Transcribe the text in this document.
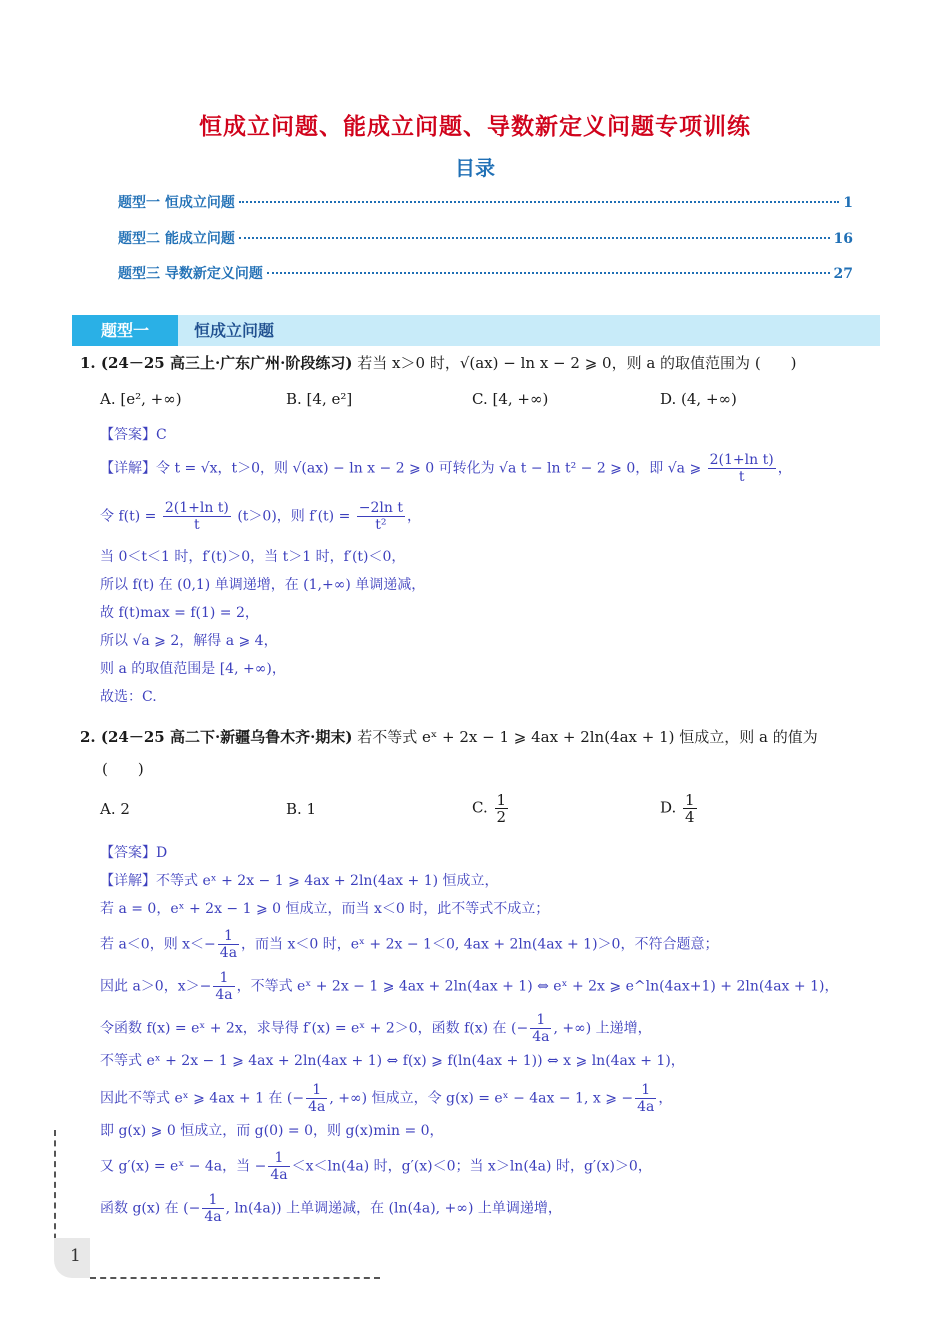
恒成立问题、能成立问题、导数新定义问题专项训练
目录
题型一 恒成立问题	1
题型二 能成立问题	16
题型三 导数新定义问题	27
题型一	恒成立问题
1. (24－25 高三上·广东广州·阶段练习) 若当 x＞0 时，√(ax) − ln x − 2 ⩾ 0，则 a 的取值范围为 (　　)
A. [e², +∞)	B. [4, e²]	C. [4, +∞)	D. (4, +∞)
【答案】C
【详解】令 t = √x，t＞0，则 √(ax) − ln x − 2 ⩾ 0 可转化为 √a t − ln t² − 2 ⩾ 0，即 √a ⩾ $\frac{\text{2(1+ln t)}}{t}$ ，
令 $f(t) = \frac{\text{2(1+ln t)}}{t} (t>0)$，则 $f'(t) = \frac{\text{−2ln t}}{\text{t²}}$ ，
当 0＜t＜1 时，f′(t)＞0，当 t＞1 时，f′(t)＜0，
所以 f(t) 在 (0,1) 单调递增，在 (1,+∞) 单调递减，
故 f(t)max = f(1) = 2，
所以 √a ⩾ 2，解得 a ⩾ 4，
则 a 的取值范围是 [4, +∞)，
故选：C.
2. (24－25 高二下·新疆乌鲁木齐·期末) 若不等式 eˣ + 2x − 1 ⩾ 4ax + 2ln(4ax + 1) 恒成立，则 a 的值为
(　　)
A. 2	B. 1	C. $\frac{1}{2}$	D. $\frac{1}{4}$
【答案】D
【详解】不等式 eˣ + 2x − 1 ⩾ 4ax + 2ln(4ax + 1) 恒成立，
若 a = 0，eˣ + 2x − 1 ⩾ 0 恒成立，而当 x＜0 时，此不等式不成立；
若 a＜0，则 $x<- \frac{1}{4a}$ ，而当 x＜0 时，eˣ + 2x − 1＜0, 4ax + 2ln(4ax + 1)＞0，不符合题意；
因此 a＞0，$x>- \frac{1}{4a}$ ，不等式 eˣ + 2x − 1 ⩾ 4ax + 2ln(4ax + 1) ⇔ eˣ + 2x ⩾ e^ln(4ax+1) + 2ln(4ax + 1)，
令函数 f(x) = eˣ + 2x，求导得 f′(x) = eˣ + 2＞0，函数 f(x) 在 (− $\frac{1}{4a}$ , +∞) 上递增，
不等式 eˣ + 2x − 1 ⩾ 4ax + 2ln(4ax + 1) ⇔ f(x) ⩾ f(ln(4ax + 1)) ⇔ x ⩾ ln(4ax + 1)，
因此不等式 eˣ ⩾ 4ax + 1 在 (− $\frac{1}{4a}$ , +∞) 恒成立，令 g(x) = eˣ − 4ax − 1, x ⩾ − $\frac{1}{4a}$ ，
即 g(x) ⩾ 0 恒成立，而 g(0) = 0，则 g(x)min = 0，
又 g′(x) = eˣ − 4a，当 − $\frac{1}{4a} <x<\ln(4a)$ 时，g′(x)＜0；当 x＞ln(4a) 时，g′(x)＞0，
函数 g(x) 在 (− $\frac{1}{4a}$ , ln(4a)) 上单调递减，在 (ln(4a), +∞) 上单调递增，
1
